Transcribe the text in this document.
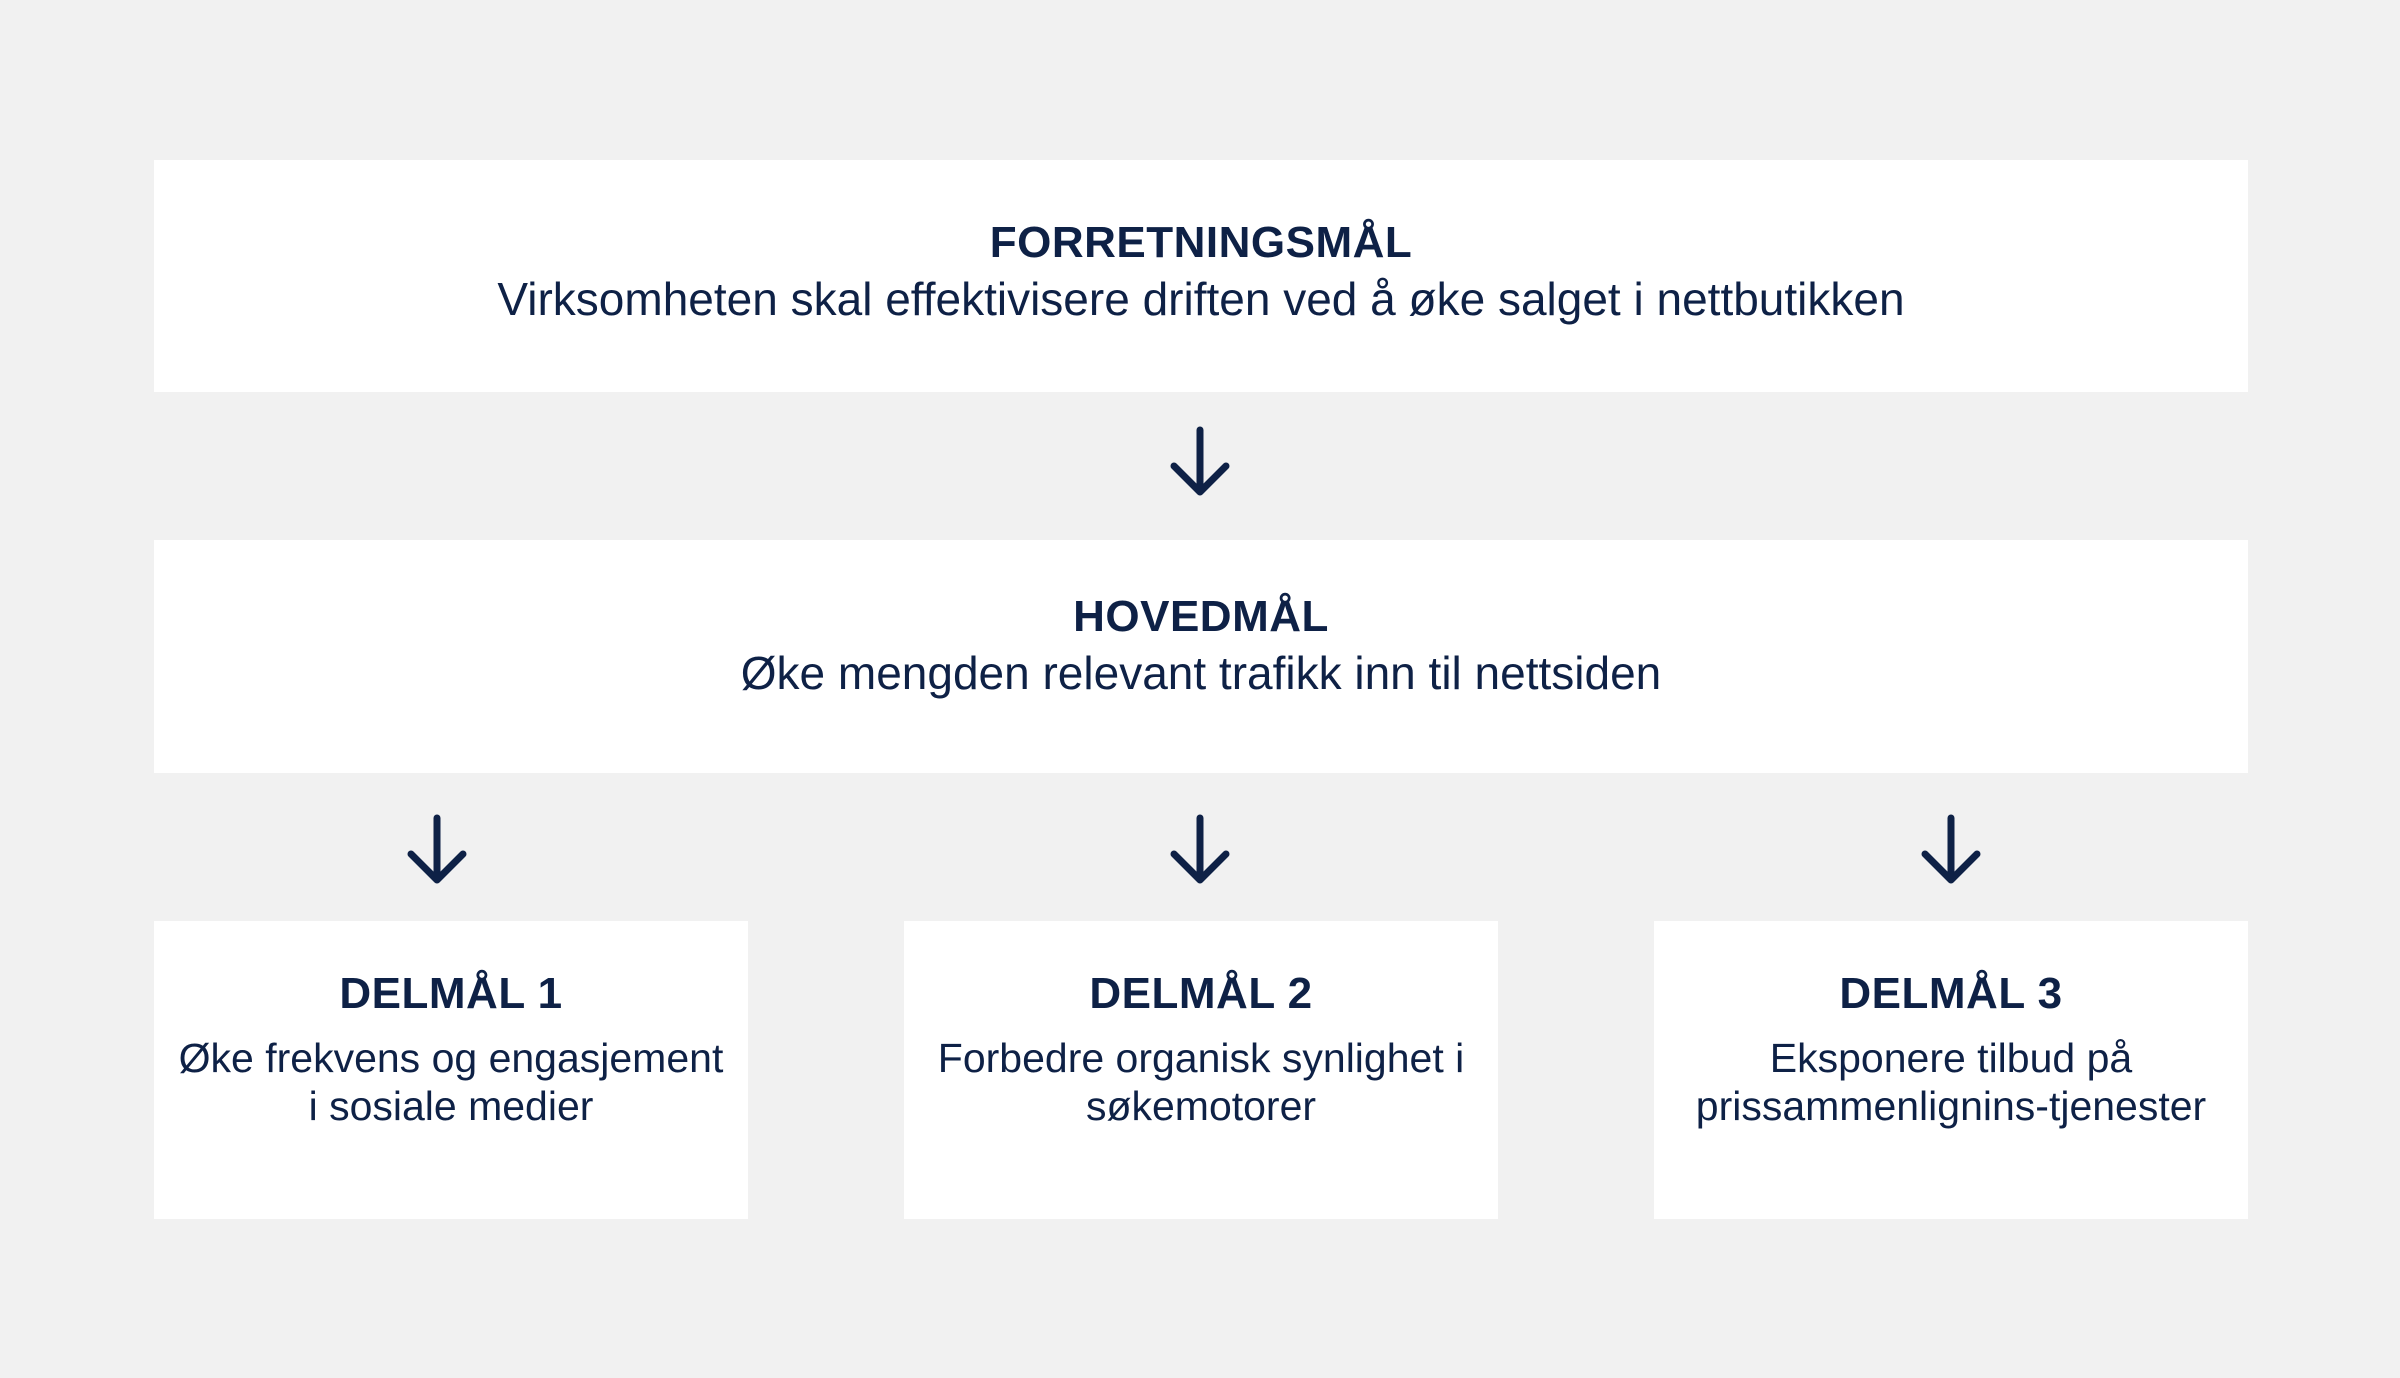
FORRETNINGSMÅL
Virksomheten skal effektivisere driften ved å øke salget i nettbutikken
HOVEDMÅL
Øke mengden relevant trafikk inn til nettsiden
DELMÅL 1
Øke frekvens og engasjement i sosiale medier
DELMÅL 2
Forbedre organisk synlighet i søkemotorer
DELMÅL 3
Eksponere tilbud på prissammenlignins-tjenester
